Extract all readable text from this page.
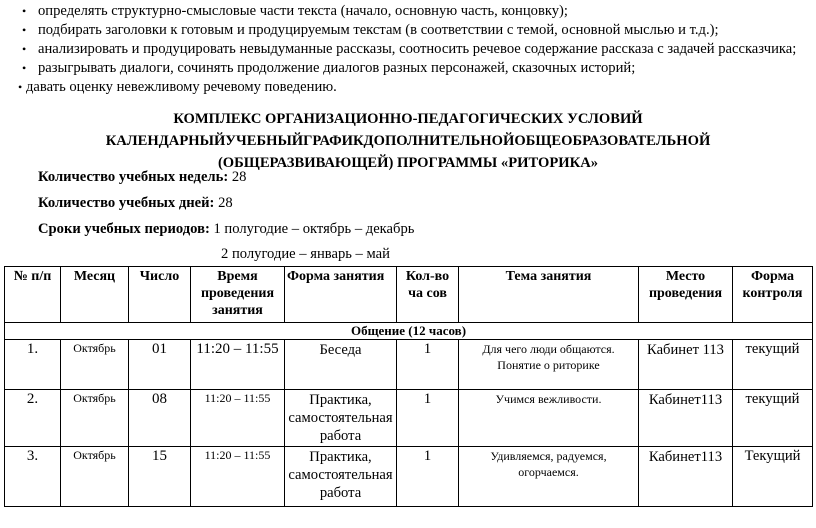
• определять структурно-смысловые части текста (начало, основную часть, концовку);
• подбирать заголовки к готовым и продуцируемым текстам (в соответствии с темой, основной мыслью и т.д.);
• анализировать и продуцировать невыдуманные рассказы, соотносить речевое содержание рассказа с задачей рассказчика;
• разыгрывать диалоги, сочинять продолжение диалогов разных персонажей, сказочных историй;
• давать оценку невежливому речевому поведению.
КОМПЛЕКС ОРГАНИЗАЦИОННО-ПЕДАГОГИЧЕСКИХ УСЛОВИЙ
КАЛЕНДАРНЫЙУЧЕБНЫЙГРАФИКДОПОЛНИТЕЛЬНОЙОБЩЕОБРАЗОВАТЕЛЬНОЙ
(ОБЩЕРАЗВИВАЮЩЕЙ) ПРОГРАММЫ «РИТОРИКА»
Количество учебных недель: 28
Количество учебных дней: 28
Сроки учебных периодов: 1 полугодие – октябрь – декабрь
2 полугодие – январь – май
№ п/п	Месяц	Число	Время проведения занятия	Форма занятия	Кол-во ча сов	Тема занятия	Место проведения	Форма контроля
Общение (12 часов)								
1.	Октябрь	01	11:20 – 11:55	Беседа	1	Для чего люди общаются. Понятие о риторике	Кабинет 113	текущий
2.	Октябрь	08	11:20 – 11:55	Практика, самостоятельная работа	1	Учимся вежливости.	Кабинет113	текущий
3.	Октябрь	15	11:20 – 11:55	Практика, самостоятельная работа	1	Удивляемся, радуемся, огорчаемся.	Кабинет113	Текущий
